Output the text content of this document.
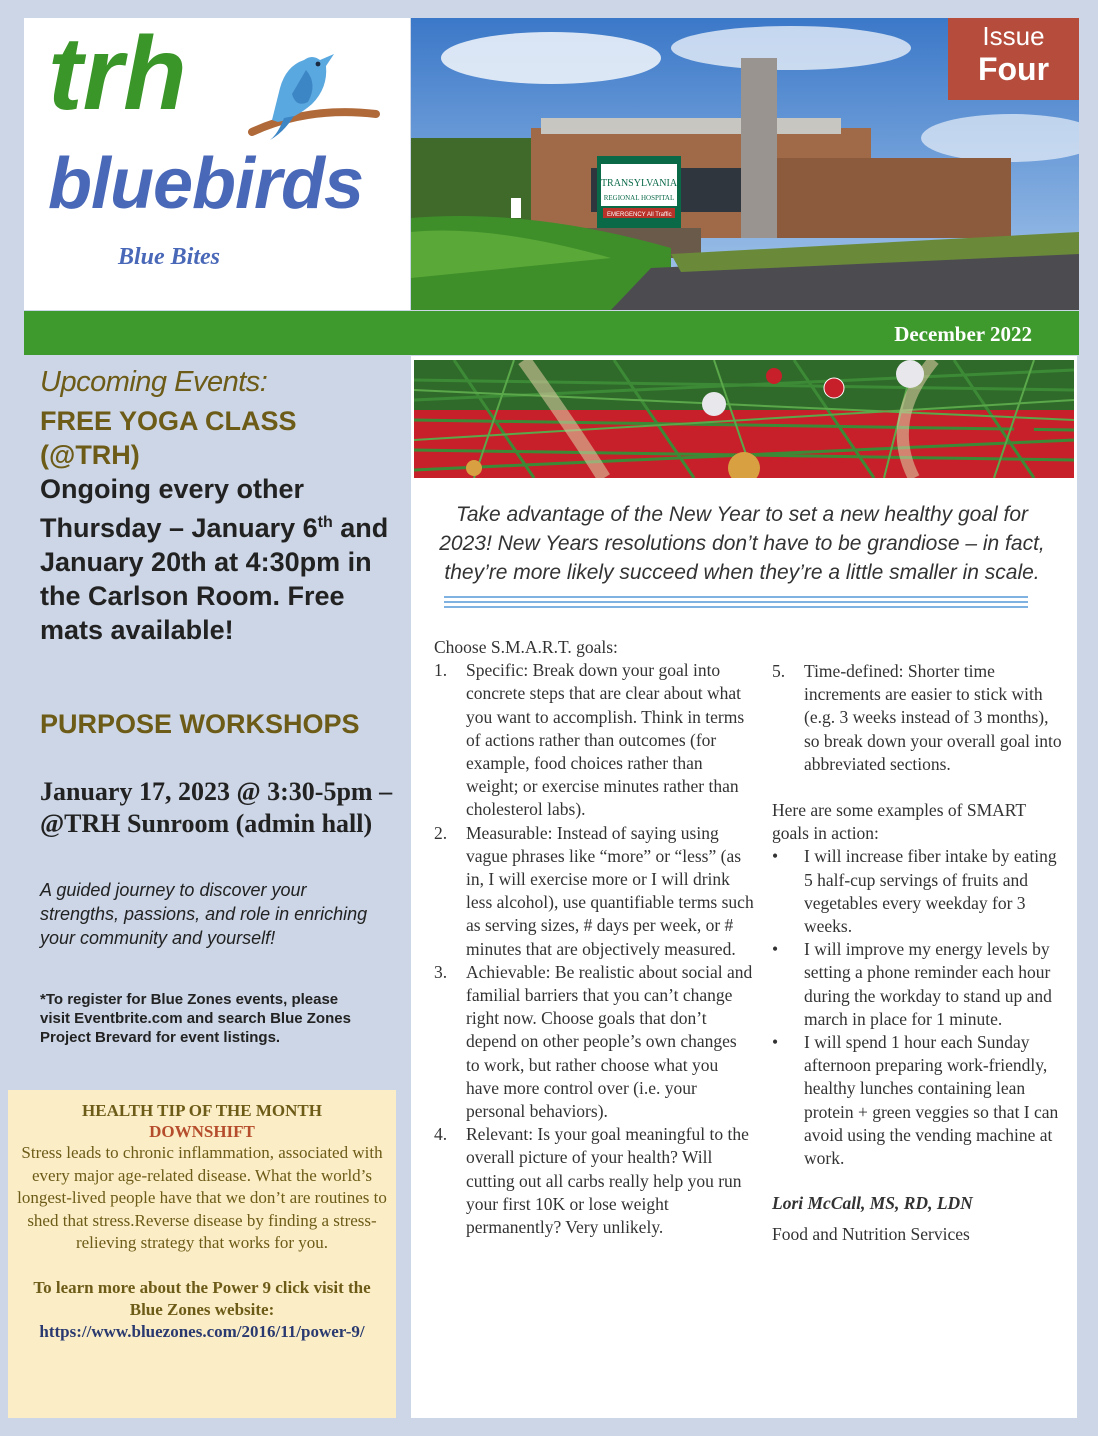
trh

bluebirds

Blue Bites

TRANSYLVANIA
REGIONAL HOSPITAL
EMERGENCY All Traffic
Issue
Four

December 2022

Upcoming Events:

FREE YOGA CLASS (@TRH)

Ongoing every other Thursday – January 6th and January 20th at 4:30pm in the Carlson Room. Free mats available!

PURPOSE WORKSHOPS

January 17, 2023 @ 3:30-5pm – @TRH Sunroom (admin hall)

A guided journey to discover your strengths, passions, and role in enriching your community and yourself!

*To register for Blue Zones events, please visit Eventbrite.com and search Blue Zones Project Brevard for event listings.

HEALTH TIP OF THE MONTH

DOWNSHIFT

Stress leads to chronic inflammation, associated with every major age-related disease. What the world’s longest-lived people have that we don’t are routines to shed that stress.Reverse disease by finding a stress-relieving strategy that works for you.

To learn more about the Power 9 click visit the Blue Zones website:

https://www.bluezones.com/2016/11/power-9/

Take advantage of the New Year to set a new healthy goal for 2023! New Years resolutions don’t have to be grandiose – in fact, they’re more likely succeed when they’re a little smaller in scale.

Choose S.M.A.R.T. goals:

1. Specific: Break down your goal into concrete steps that are clear about what you want to accomplish. Think in terms of actions rather than outcomes (for example, food choices rather than weight; or exercise minutes rather than cholesterol labs).
2. Measurable: Instead of saying using vague phrases like “more” or “less” (as in, I will exercise more or I will drink less alcohol), use quantifiable terms such as serving sizes, # days per week, or # minutes that are objectively measured.
3. Achievable: Be realistic about social and familial barriers that you can’t change right now. Choose goals that don’t depend on other people’s own changes to work, but rather choose what you have more control over (i.e. your personal behaviors).
4. Relevant: Is your goal meaningful to the overall picture of your health? Will cutting out all carbs really help you run your first 10K or lose weight permanently? Very unlikely.
5. Time-defined: Shorter time increments are easier to stick with (e.g. 3 weeks instead of 3 months), so break down your overall goal into abbreviated sections.

Here are some examples of SMART goals in action:

• I will increase fiber intake by eating 5 half-cup servings of fruits and vegetables every weekday for 3 weeks.
• I will improve my energy levels by setting a phone reminder each hour during the workday to stand up and march in place for 1 minute.
• I will spend 1 hour each Sunday afternoon preparing work-friendly, healthy lunches containing lean protein + green veggies so that I can avoid using the vending machine at work.

Lori McCall, MS, RD, LDN

Food and Nutrition Services
